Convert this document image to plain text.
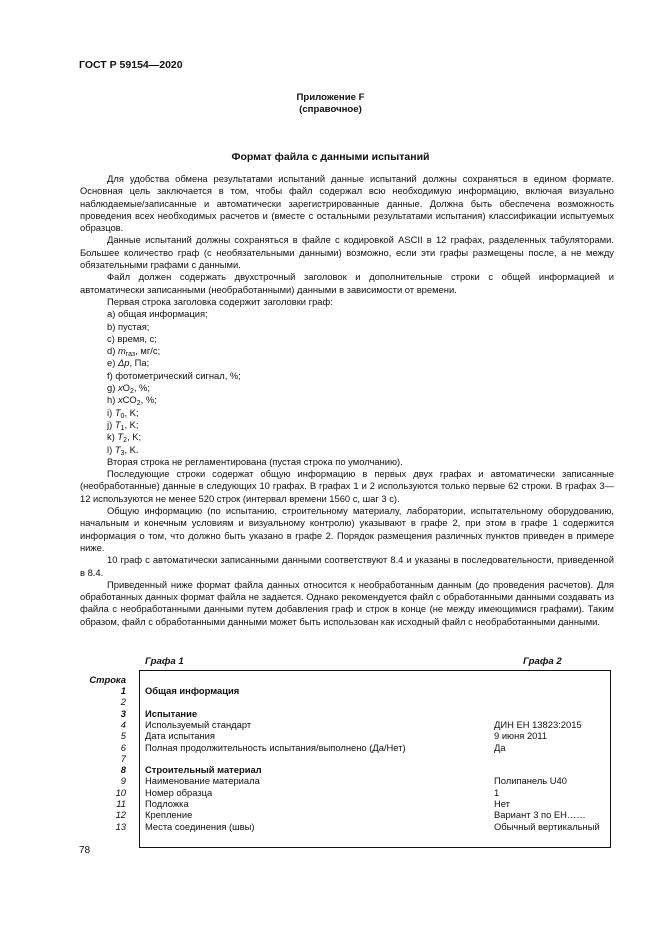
ГОСТ Р 59154—2020
Приложение F
(справочное)
Формат файла с данными испытаний

Для удобства обмена результатами испытаний данные испытаний должны сохраняться в едином формате. Основная цель заключается в том, чтобы файл содержал всю необходимую информацию, включая визуально наблюдаемые/записанные и автоматически зарегистрированные данные. Должна быть обеспечена возможность проведения всех необходимых расчетов и (вместе с остальными результатами испытания) классификации испытуемых образцов.

Данные испытаний должны сохраняться в файле с кодировкой ASCII в 12 графах, разделенных табуляторами. Большее количество граф (с необязательными данными) возможно, если эти графы размещены после, а не между обязательными графами с данными.

Файл должен содержать двухстрочный заголовок и дополнительные строки с общей информацией и автоматически записанными (необработанными) данными в зависимости от времени.

Первая строка заголовка содержит заголовки граф:

a) общая информация;
b) пустая;
c) время, с;
d) $m_{газ}$, мг/с;
e) Δp, Па;
f) фотометрический сигнал, %;
g) $xO_2$, %;
h) xCO$_2$, %;
i) $T_0$, K;
j) $T_1$, K;
k) $T_2$, K;
l) $T_3$, K.

Вторая строка не регламентирована (пустая строка по умолчанию).

Последующие строки содержат общую информацию в первых двух графах и автоматически записанные (необработанные) данные в следующих 10 графах. В графах 1 и 2 используются только первые 62 строки. В графах 3—12 используются не менее 520 строк (интервал времени 1560 с, шаг 3 с).

Общую информацию (по испытанию, строительному материалу, лаборатории, испытательному оборудованию, начальным и конечным условиям и визуальному контролю) указывают в графе 2, при этом в графе 1 содержится информация о том, что должно быть указано в графе 2. Порядок размещения различных пунктов приведен в примере ниже.

10 граф с автоматически записанными данными соответствуют 8.4 и указаны в последовательности, приведенной в 8.4.

Приведенный ниже формат файла данных относится к необработанным данным (до проведения расчетов). Для обработанных данных формат файла не задается. Однако рекомендуется файл с обработанными данными создавать из файла с необработанными данными путем добавления граф и строк в конце (не между имеющимися графами). Таким образом, файл с обработанными данными может быть использован как исходный файл с необработанными данными.

Графа 1	Графа 2
Строка
1 Общая информация
2
3 Испытание
4 Используемый стандарт	ДИН ЕН 13823:2015
5 Дата испытания	9 июня 2011
6 Полная продолжительность испытания/выполнено (Да/Нет)	Да
7
8 Строительный материал
9 Наименование материала	Полипанель U40
10 Номер образца	1
11 Подложка	Нет
12 Крепление	Вариант 3 по ЕН……
13 Места соединения (швы)	Обычный вертикальный
78
